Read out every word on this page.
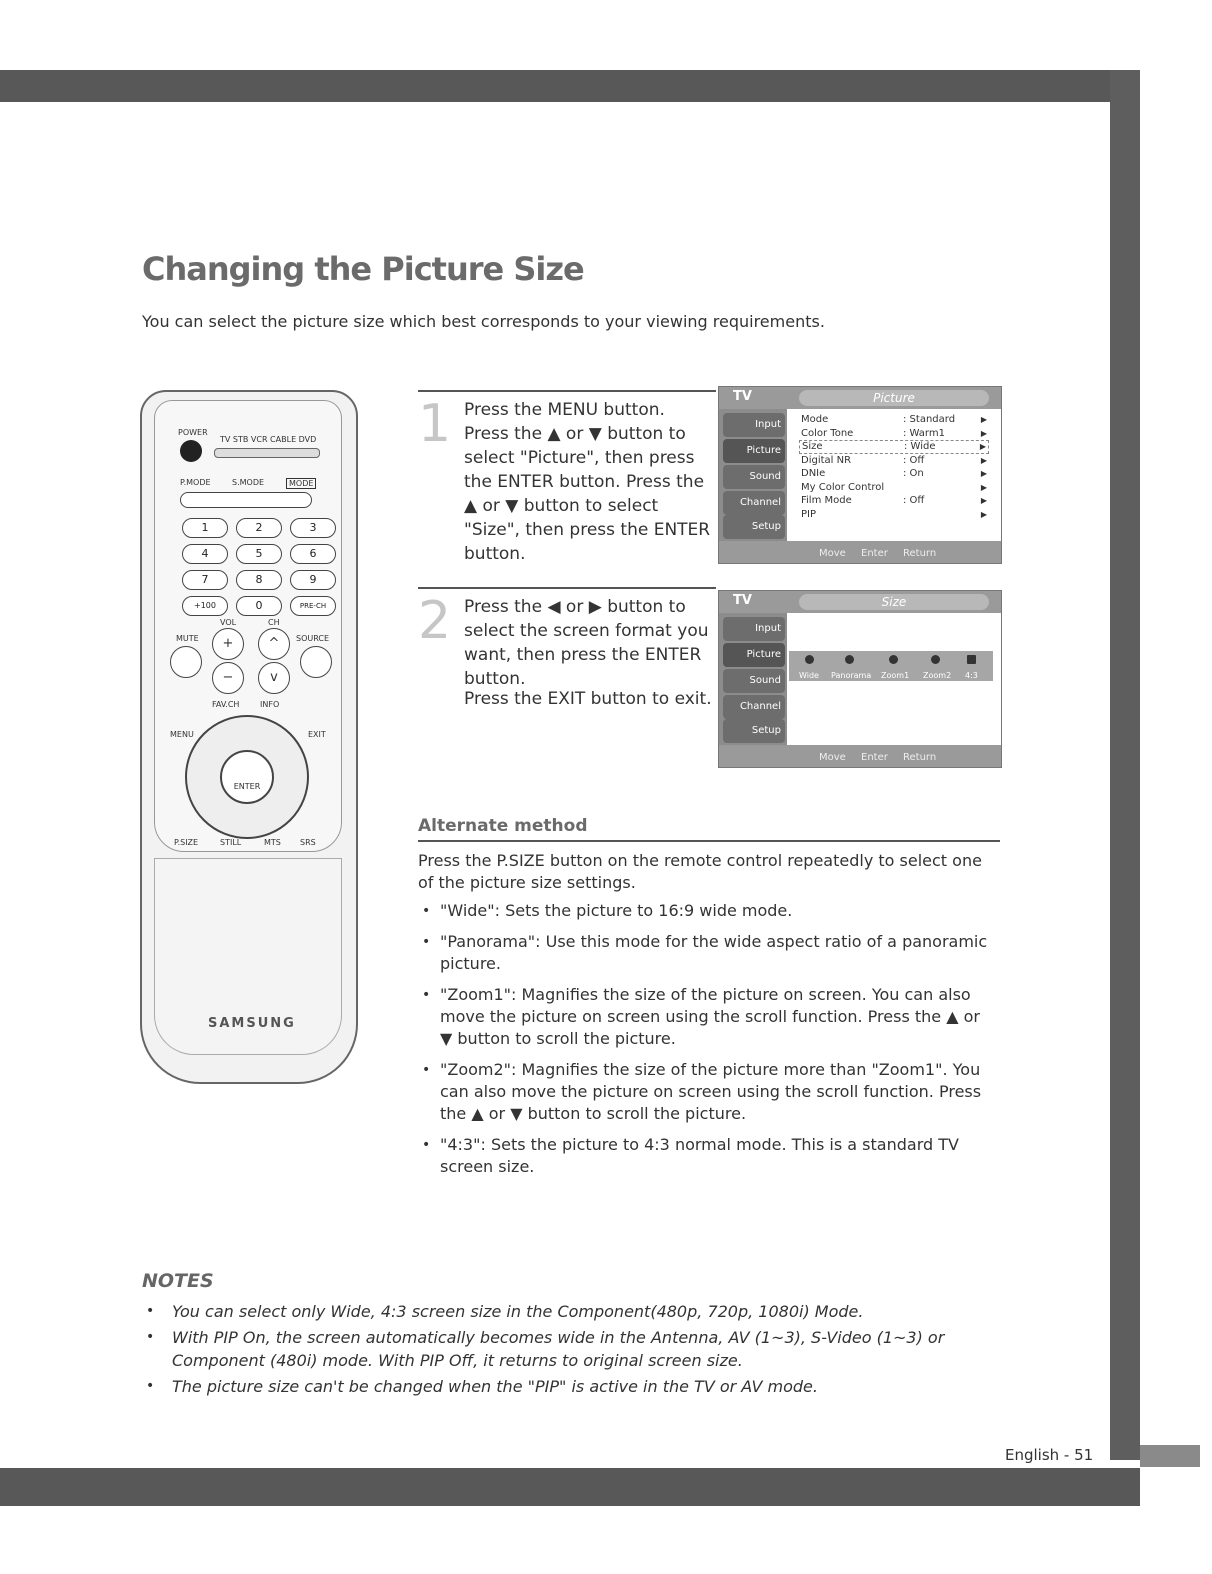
English - 51
Changing the Picture Size
You can select the picture size which best corresponds to your viewing requirements.
POWER
TV STB VCR CABLE DVD
P.MODE	S.MODE	MODE
1	2	3
4	5	6
7	8	9
+100	0	PRE-CH
VOL	CH
MUTE	SOURCE
+
−
^
v
FAV.CH	INFO
MENU	EXIT
ENTER
P.SIZE	STILL	MTS SRS
SAMSUNG
1 Press the MENU button. Press the ▲ or ▼ button to select "Picture", then press the ENTER button. Press the ▲ or ▼ button to select "Size", then press the ENTER button.
TV	Picture
Input
Picture
Sound
Channel
Setup
Mode	: Standard	▶
Color Tone	: Warm1	▶
Size	: Wide	▶
Digital NR	: Off	▶
DNIe	: On	▶
My Color Control	▶
Film Mode	: Off	▶
PIP	▶
Move Enter Return
2 Press the ◀ or ▶ button to select the screen format you want, then press the ENTER button.
Press the EXIT button to exit.
TV	Size
Input
Picture
Sound
Channel
Setup
Wide Panorama Zoom1 Zoom2 4:3
Move Enter Return
Alternate method
Press the P.SIZE button on the remote control repeatedly to select one of the picture size settings.
• "Wide": Sets the picture to 16:9 wide mode.
• "Panorama": Use this mode for the wide aspect ratio of a panoramic picture.
• "Zoom1": Magnifies the size of the picture on screen. You can also move the picture on screen using the scroll function. Press the ▲ or ▼ button to scroll the picture.
• "Zoom2": Magnifies the size of the picture more than "Zoom1". You can also move the picture on screen using the scroll function. Press the ▲ or ▼ button to scroll the picture.
• "4:3": Sets the picture to 4:3 normal mode. This is a standard TV screen size.
NOTES
• You can select only Wide, 4:3 screen size in the Component(480p, 720p, 1080i) Mode.
• With PIP On, the screen automatically becomes wide in the Antenna, AV (1~3), S-Video (1~3) or Component (480i) mode. With PIP Off, it returns to original screen size.
• The picture size can't be changed when the "PIP" is active in the TV or AV mode.
